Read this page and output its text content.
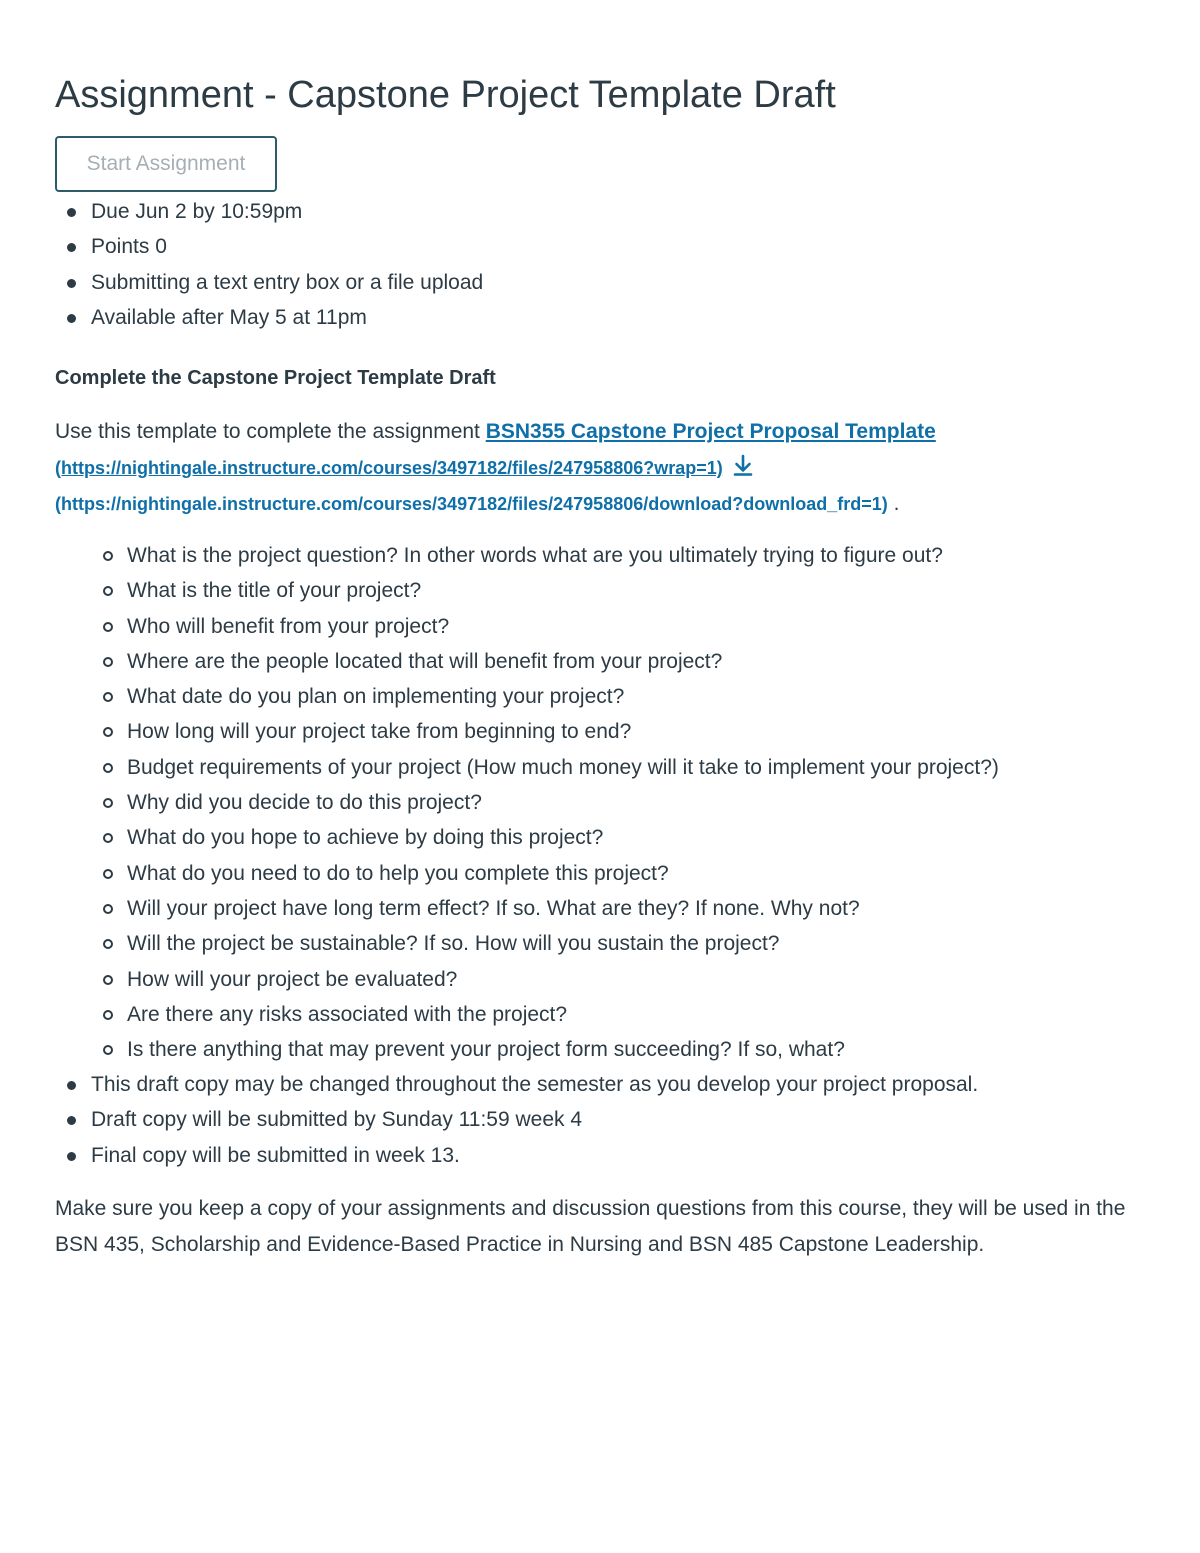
Assignment - Capstone Project Template Draft
Start Assignment
Due Jun 2 by 10:59pm
Points 0
Submitting a text entry box or a file upload
Available after May 5 at 11pm

Complete the Capstone Project Template Draft

Use this template to complete the assignment BSN355 Capstone Project Proposal Template
(https://nightingale.instructure.com/courses/3497182/files/247958806?wrap=1)
(https://nightingale.instructure.com/courses/3497182/files/247958806/download?download_frd=1) .

What is the project question? In other words what are you ultimately trying to figure out?
What is the title of your project?
Who will benefit from your project?
Where are the people located that will benefit from your project?
What date do you plan on implementing your project?
How long will your project take from beginning to end?
Budget requirements of your project (How much money will it take to implement your project?)
Why did you decide to do this project?
What do you hope to achieve by doing this project?
What do you need to do to help you complete this project?
Will your project have long term effect? If so. What are they? If none. Why not?
Will the project be sustainable? If so. How will you sustain the project?
How will your project be evaluated?
Are there any risks associated with the project?
Is there anything that may prevent your project form succeeding? If so, what?
This draft copy may be changed throughout the semester as you develop your project proposal.
Draft copy will be submitted by Sunday 11:59 week 4
Final copy will be submitted in week 13.

Make sure you keep a copy of your assignments and discussion questions from this course, they will be used in the BSN 435, Scholarship and Evidence-Based Practice in Nursing and BSN 485 Capstone Leadership.
